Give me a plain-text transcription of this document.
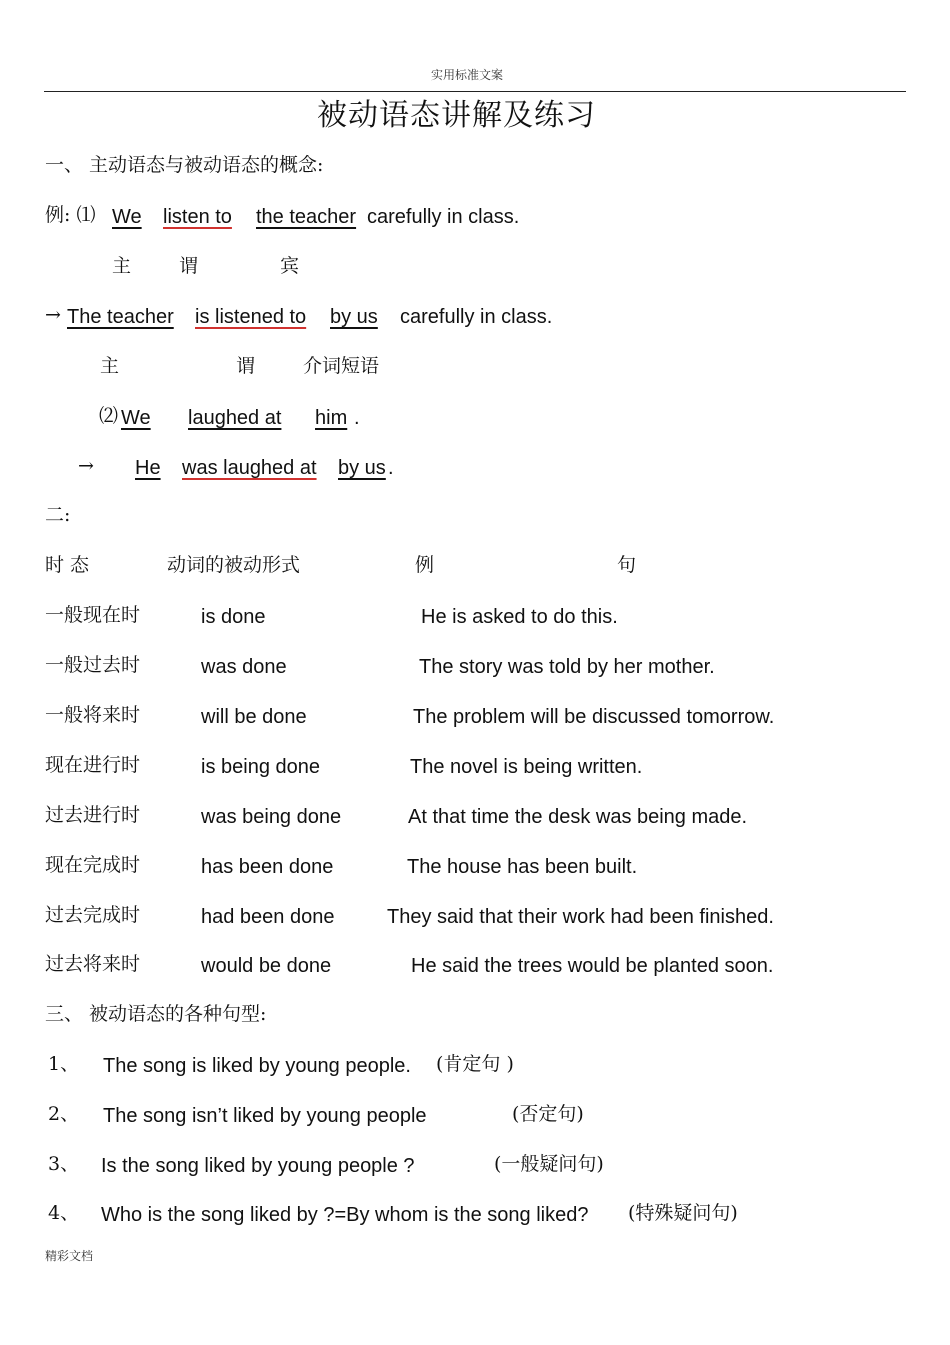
实用标准文案
被动语态讲解及练习
一、 主动语态与被动语态的概念:
例: ⑴ We listen to the teacher carefully in class.
主	谓	宾
→ The teacher is listened to by us carefully in class.
主	谓	介词短语
⑵ We laughed at him .
→ He was laughed at by us .
二:
时 态	动词的被动形式	例	句
一般现在时	is done	He is asked to do this.
一般过去时	was done	The story was told by her mother.
一般将来时	will be done	The problem will be discussed tomorrow.
现在进行时	is being done	The novel is being written.
过去进行时	was being done	At that time the desk was being made.
现在完成时	has been done	The house has been built.
过去完成时	had been done	They said that their work had been finished.
过去将来时	would be done	He said the trees would be planted soon.
三、 被动语态的各种句型:
1、 The song is liked by young people. (肯定句 )
2、 The song isn’t liked by young people	(否定句)
3、 Is the song liked by young people ?	(一般疑问句)
4、 Who is the song liked by ?=By whom is the song liked? (特殊疑问句)
精彩文档
